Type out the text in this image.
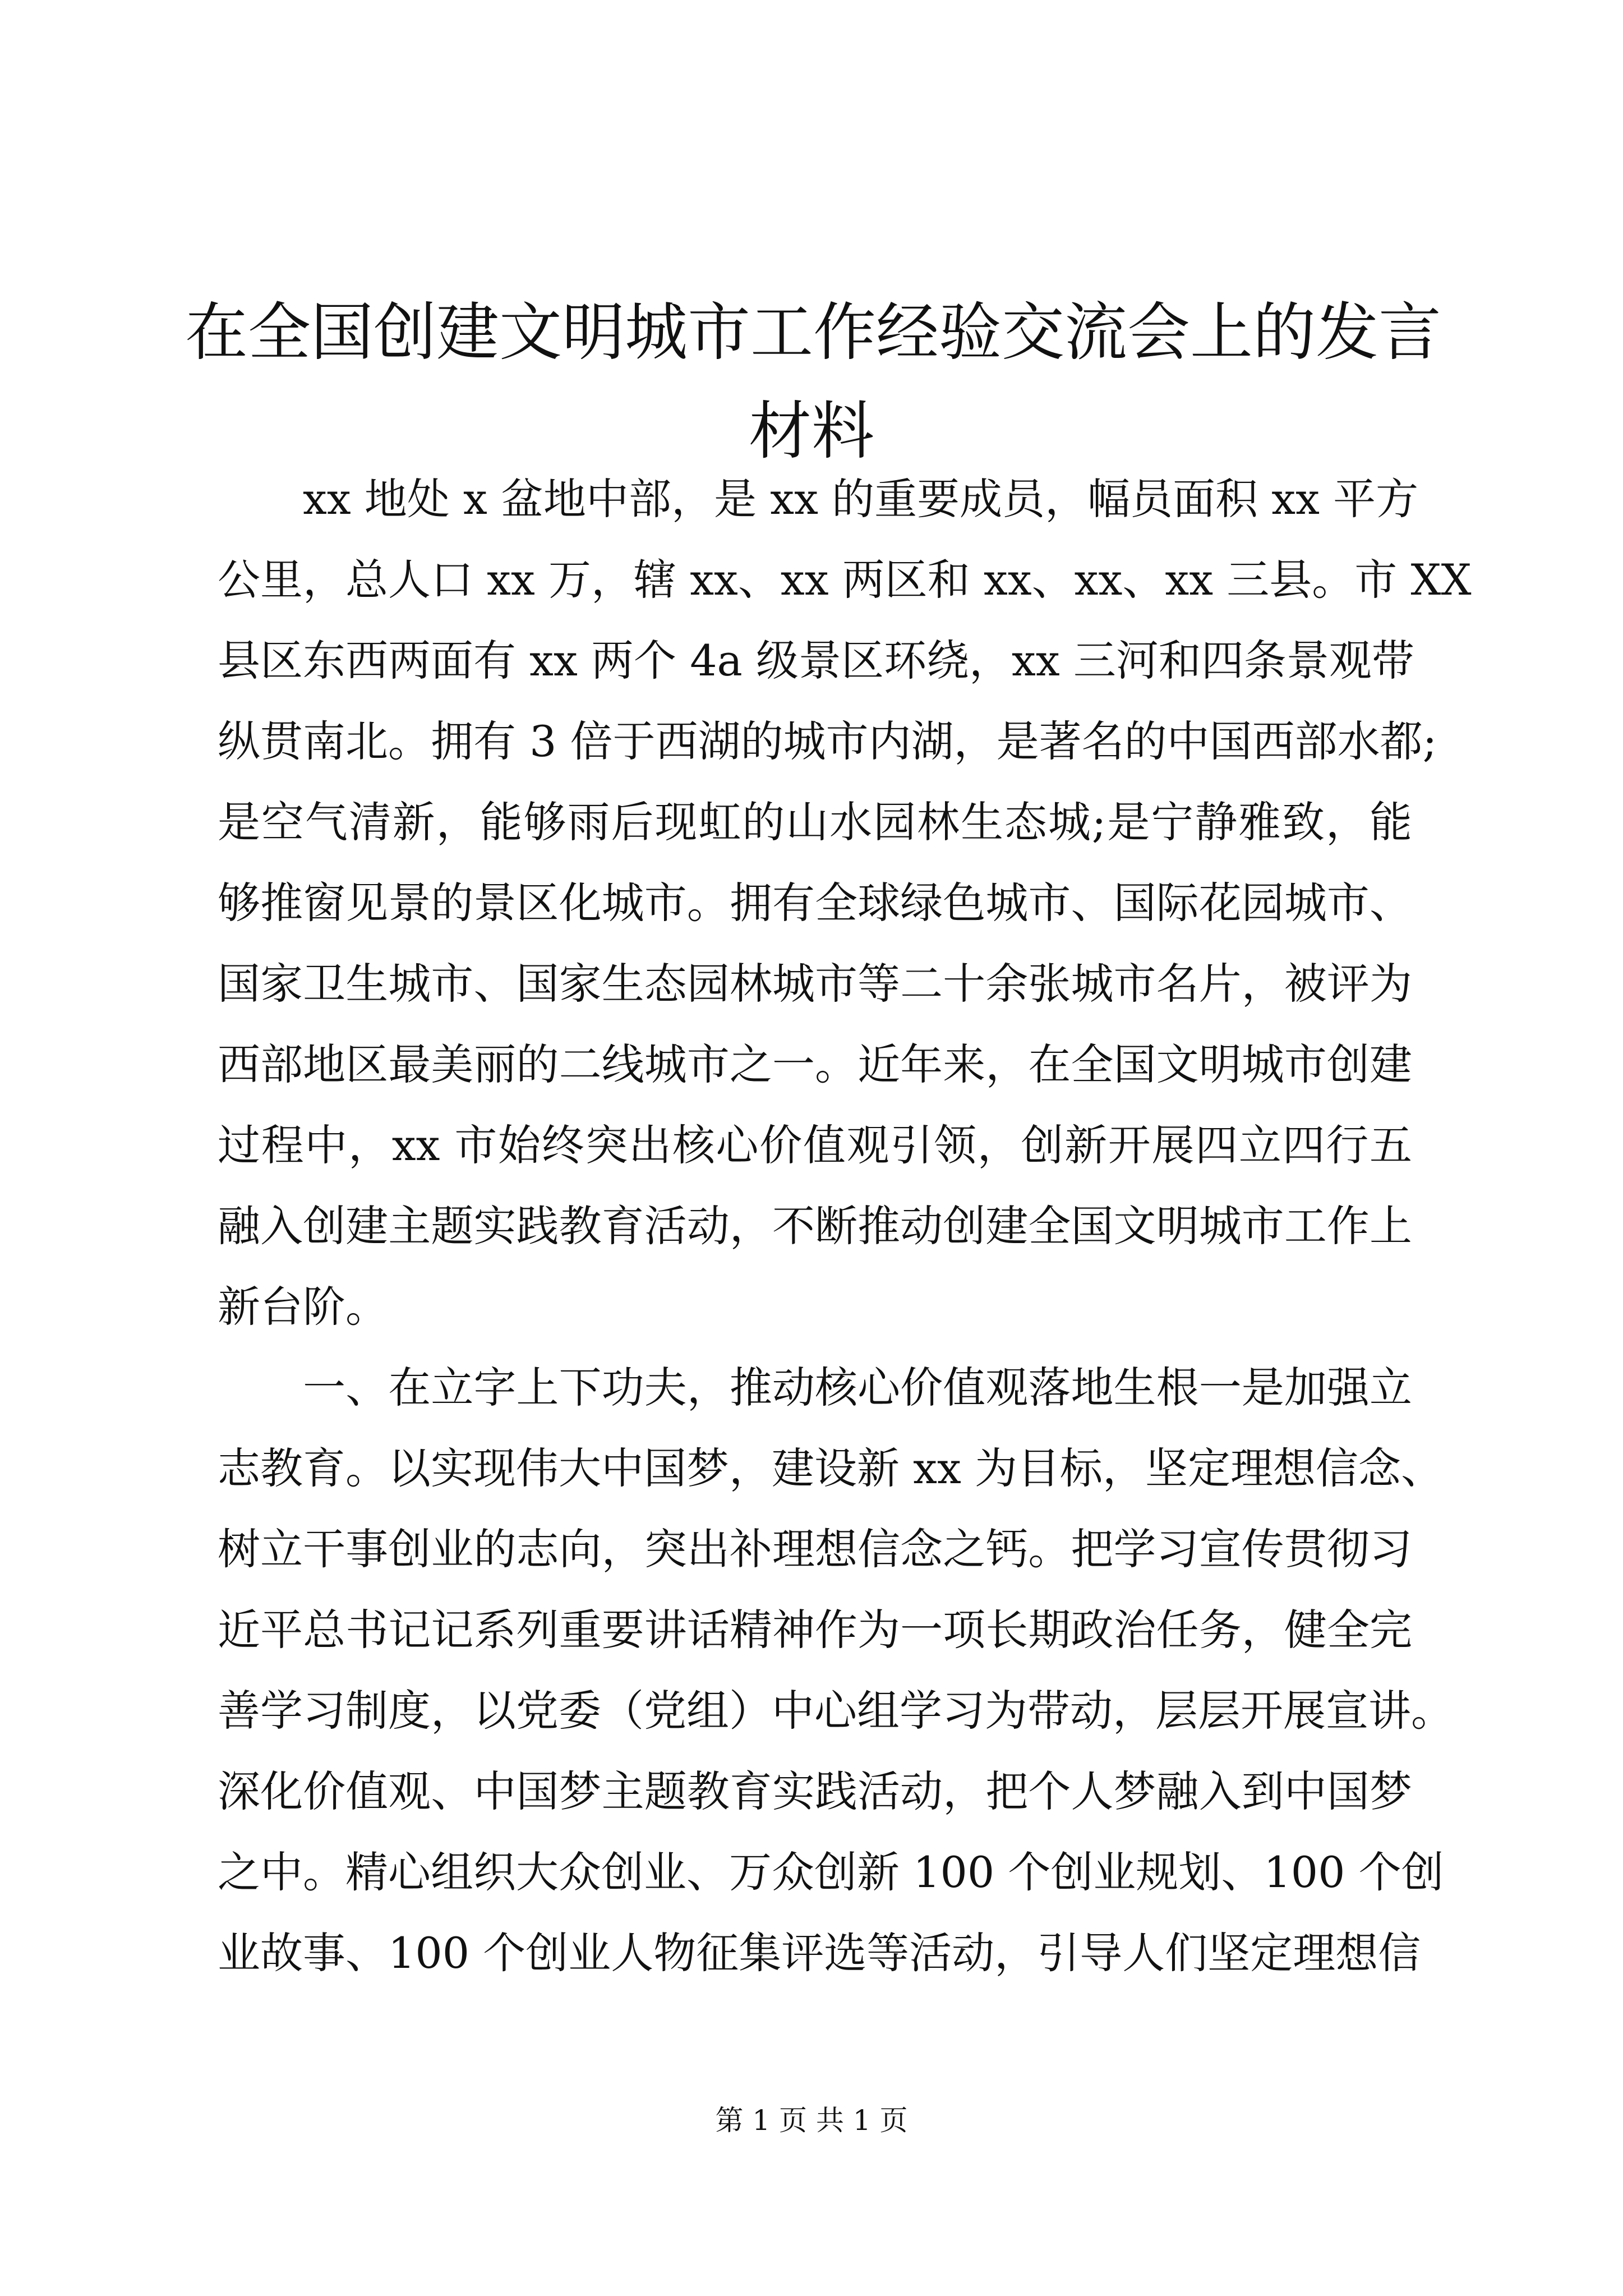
在全国创建文明城市工作经验交流会上的发言
材料

　　xx 地处 x 盆地中部，是 xx 的重要成员，幅员面积 xx 平方
公里，总人口 xx 万，辖 xx、xx 两区和 xx、xx、xx 三县。市 XX
县区东西两面有 xx 两个 4a 级景区环绕，xx 三河和四条景观带
纵贯南北。拥有 3 倍于西湖的城市内湖，是著名的中国西部水都;
是空气清新，能够雨后现虹的山水园林生态城;是宁静雅致，能
够推窗见景的景区化城市。拥有全球绿色城市、国际花园城市、
国家卫生城市、国家生态园林城市等二十余张城市名片，被评为
西部地区最美丽的二线城市之一。近年来，在全国文明城市创建
过程中，xx 市始终突出核心价值观引领，创新开展四立四行五
融入创建主题实践教育活动，不断推动创建全国文明城市工作上
新台阶。

　　一、在立字上下功夫，推动核心价值观落地生根一是加强立
志教育。以实现伟大中国梦，建设新 xx 为目标，坚定理想信念、
树立干事创业的志向，突出补理想信念之钙。把学习宣传贯彻习
近平总书记记系列重要讲话精神作为一项长期政治任务，健全完
善学习制度，以党委（党组）中心组学习为带动，层层开展宣讲。
深化价值观、中国梦主题教育实践活动，把个人梦融入到中国梦
之中。精心组织大众创业、万众创新 100 个创业规划、100 个创
业故事、100 个创业人物征集评选等活动，引导人们坚定理想信

第 1 页 共 1 页
